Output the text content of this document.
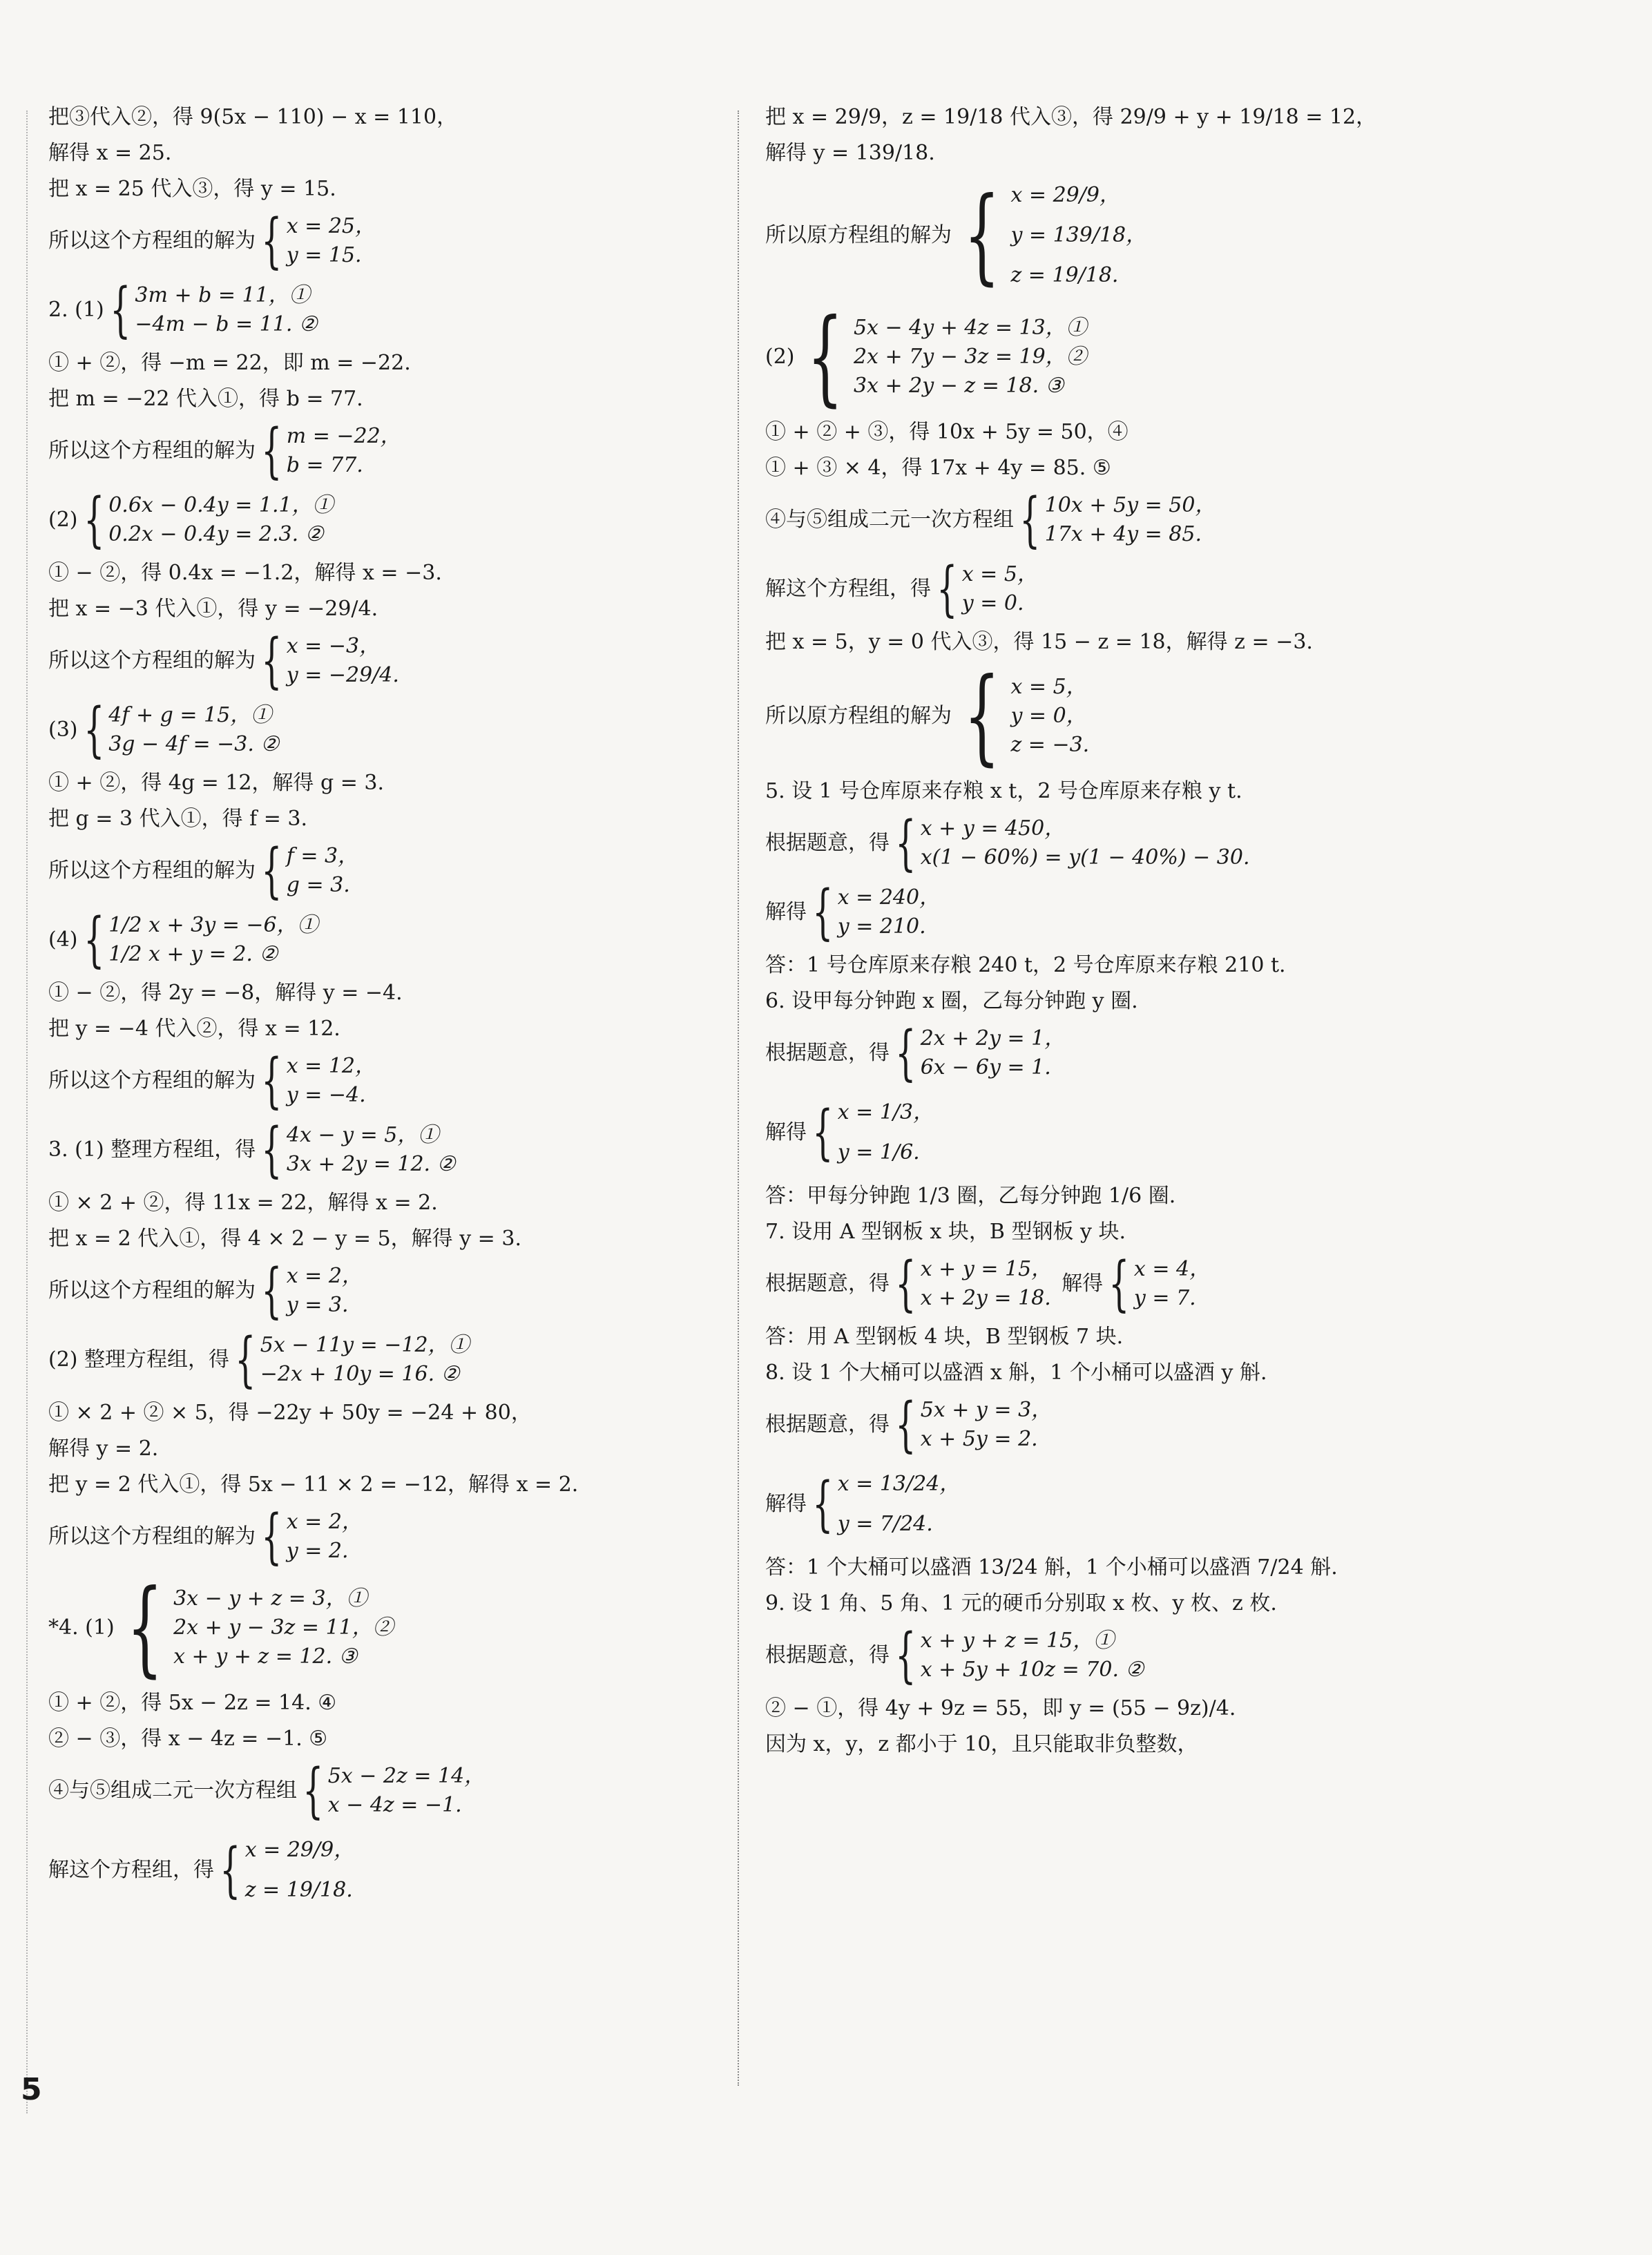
把③代入②，得 9(5x − 110) − x = 110，

解得 x = 25.

把 x = 25 代入③，得 y = 15.

所以这个方程组的解为 { x = 25，
y = 15.
2. (1) { 3m + b = 11，①
−4m − b = 11. ②

① + ②，得 −m = 22，即 m = −22.

把 m = −22 代入①，得 b = 77.

所以这个方程组的解为 { m = −22，
b = 77.
(2) { 0.6x − 0.4y = 1.1，①
0.2x − 0.4y = 2.3. ②

① − ②，得 0.4x = −1.2，解得 x = −3.

把 x = −3 代入①，得 y = −29/4.

所以这个方程组的解为 { x = −3，
y = −29/4.
(3) { 4f + g = 15，①
3g − 4f = −3. ②

① + ②，得 4g = 12，解得 g = 3.

把 g = 3 代入①，得 f = 3.

所以这个方程组的解为 { f = 3，
g = 3.
(4) { 1/2 x + 3y = −6，①
1/2 x + y = 2. ②

① − ②，得 2y = −8，解得 y = −4.

把 y = −4 代入②，得 x = 12.

所以这个方程组的解为 { x = 12，
y = −4.
3. (1) 整理方程组，得 { 4x − y = 5，①
3x + 2y = 12. ②

① × 2 + ②，得 11x = 22，解得 x = 2.

把 x = 2 代入①，得 4 × 2 − y = 5，解得 y = 3.

所以这个方程组的解为 { x = 2，
y = 3.
(2) 整理方程组，得 { 5x − 11y = −12，①
−2x + 10y = 16. ②

① × 2 + ② × 5，得 −22y + 50y = −24 + 80，

解得 y = 2.

把 y = 2 代入①，得 5x − 11 × 2 = −12，解得 x = 2.

所以这个方程组的解为 { x = 2，
y = 2.
*4. (1) { 3x − y + z = 3，①
2x + y − 3z = 11，②
x + y + z = 12. ③

① + ②，得 5x − 2z = 14. ④

② − ③，得 x − 4z = −1. ⑤

④与⑤组成二元一次方程组 { 5x − 2z = 14，
x − 4z = −1.
解这个方程组，得 { x = 29/9，
z = 19/18.

把 x = 29/9，z = 19/18 代入③，得 29/9 + y + 19/18 = 12，

解得 y = 139/18.

所以原方程组的解为 { x = 29/9，
y = 139/18，
z = 19/18.
(2) { 5x − 4y + 4z = 13，①
2x + 7y − 3z = 19，②
3x + 2y − z = 18. ③

① + ② + ③，得 10x + 5y = 50，④

① + ③ × 4，得 17x + 4y = 85. ⑤

④与⑤组成二元一次方程组 { 10x + 5y = 50，
17x + 4y = 85.
解这个方程组，得 { x = 5，
y = 0.

把 x = 5，y = 0 代入③，得 15 − z = 18，解得 z = −3.

所以原方程组的解为 { x = 5，
y = 0，
z = −3.

5. 设 1 号仓库原来存粮 x t，2 号仓库原来存粮 y t.

根据题意，得 { x + y = 450，
x(1 − 60%) = y(1 − 40%) − 30.
解得 { x = 240，
y = 210.

答：1 号仓库原来存粮 240 t，2 号仓库原来存粮 210 t.

6. 设甲每分钟跑 x 圈，乙每分钟跑 y 圈.

根据题意，得 { 2x + 2y = 1，
6x − 6y = 1.
解得 { x = 1/3，
y = 1/6.

答：甲每分钟跑 1/3 圈，乙每分钟跑 1/6 圈.

7. 设用 A 型钢板 x 块，B 型钢板 y 块.

根据题意，得 { x + y = 15，
x + 2y = 18.
解得 { x = 4，
y = 7.

答：用 A 型钢板 4 块，B 型钢板 7 块.

8. 设 1 个大桶可以盛酒 x 斛，1 个小桶可以盛酒 y 斛.

根据题意，得 { 5x + y = 3，
x + 5y = 2.
解得 { x = 13/24，
y = 7/24.

答：1 个大桶可以盛酒 13/24 斛，1 个小桶可以盛酒 7/24 斛.

9. 设 1 角、5 角、1 元的硬币分别取 x 枚、y 枚、z 枚.

根据题意，得 { x + y + z = 15，①
x + 5y + 10z = 70. ②

② − ①，得 4y + 9z = 55，即 y = (55 − 9z)/4.

因为 x，y，z 都小于 10，且只能取非负整数，

5
